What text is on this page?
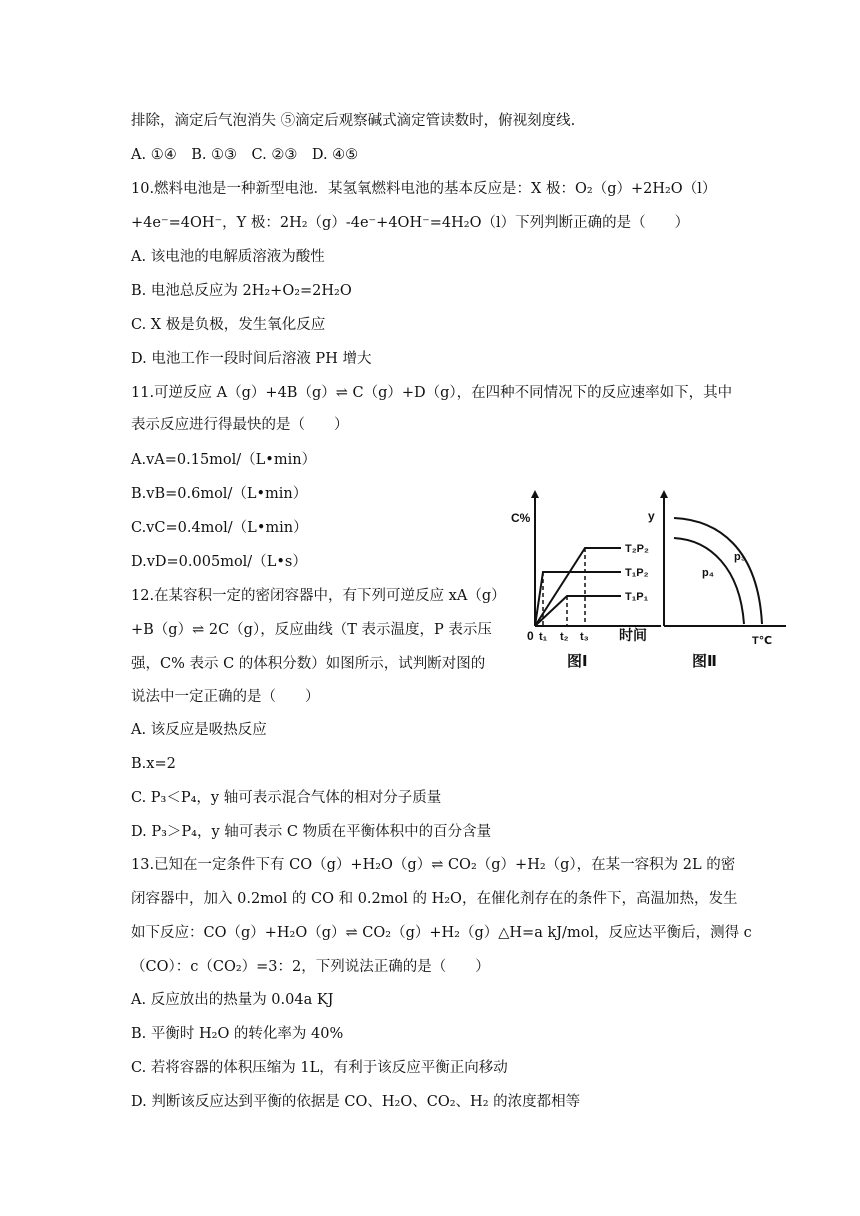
排除，滴定后气泡消失 ⑤滴定后观察碱式滴定管读数时，俯视刻度线.
A. ①④　B. ①③　C. ②③　D. ④⑤
10.燃料电池是一种新型电池．某氢氧燃料电池的基本反应是：X 极：O₂（g）+2H₂O（l）
+4e⁻=4OH⁻，Y 极：2H₂（g）-4e⁻+4OH⁻=4H₂O（l）下列判断正确的是（　　）
A. 该电池的电解质溶液为酸性
B. 电池总反应为 2H₂+O₂=2H₂O
C. X 极是负极，发生氧化反应
D. 电池工作一段时间后溶液 PH 增大
11.可逆反应 A（g）+4B（g）⇌ C（g）+D（g），在四种不同情况下的反应速率如下，其中
表示反应进行得最快的是（　　）
A.vA=0.15mol/（L•min）
B.vB=0.6mol/（L•min）
C.vC=0.4mol/（L•min）
D.vD=0.005mol/（L•s）
12.在某容积一定的密闭容器中，有下列可逆反应 xA（g）
+B（g）⇌ 2C（g），反应曲线（T 表示温度，P 表示压
强，C% 表示 C 的体积分数）如图所示，试判断对图的
说法中一定正确的是（　　）
A. 该反应是吸热反应
B.x=2
C. P₃＜P₄，y 轴可表示混合气体的相对分子质量
D. P₃＞P₄，y 轴可表示 C 物质在平衡体积中的百分含量
13.已知在一定条件下有 CO（g）+H₂O（g）⇌ CO₂（g）+H₂（g），在某一容积为 2L 的密
闭容器中，加入 0.2mol 的 CO 和 0.2mol 的 H₂O，在催化剂存在的条件下，高温加热，发生
如下反应：CO（g）+H₂O（g）⇌ CO₂（g）+H₂（g）△H=a kJ/mol，反应达平衡后，测得 c
（CO）：c（CO₂）=3：2，下列说法正确的是（　　）
A. 反应放出的热量为 0.04a KJ
B. 平衡时 H₂O 的转化率为 40%
C. 若将容器的体积压缩为 1L，有利于该反应平衡正向移动
D. 判断该反应达到平衡的依据是 CO、H₂O、CO₂、H₂ 的浓度都相等
C%
0 t₁ t₂ t₃ 时间
T₂P₂
T₁P₂
T₁P₁
图Ⅰ
y
p₃
p₄
T℃
图Ⅱ
